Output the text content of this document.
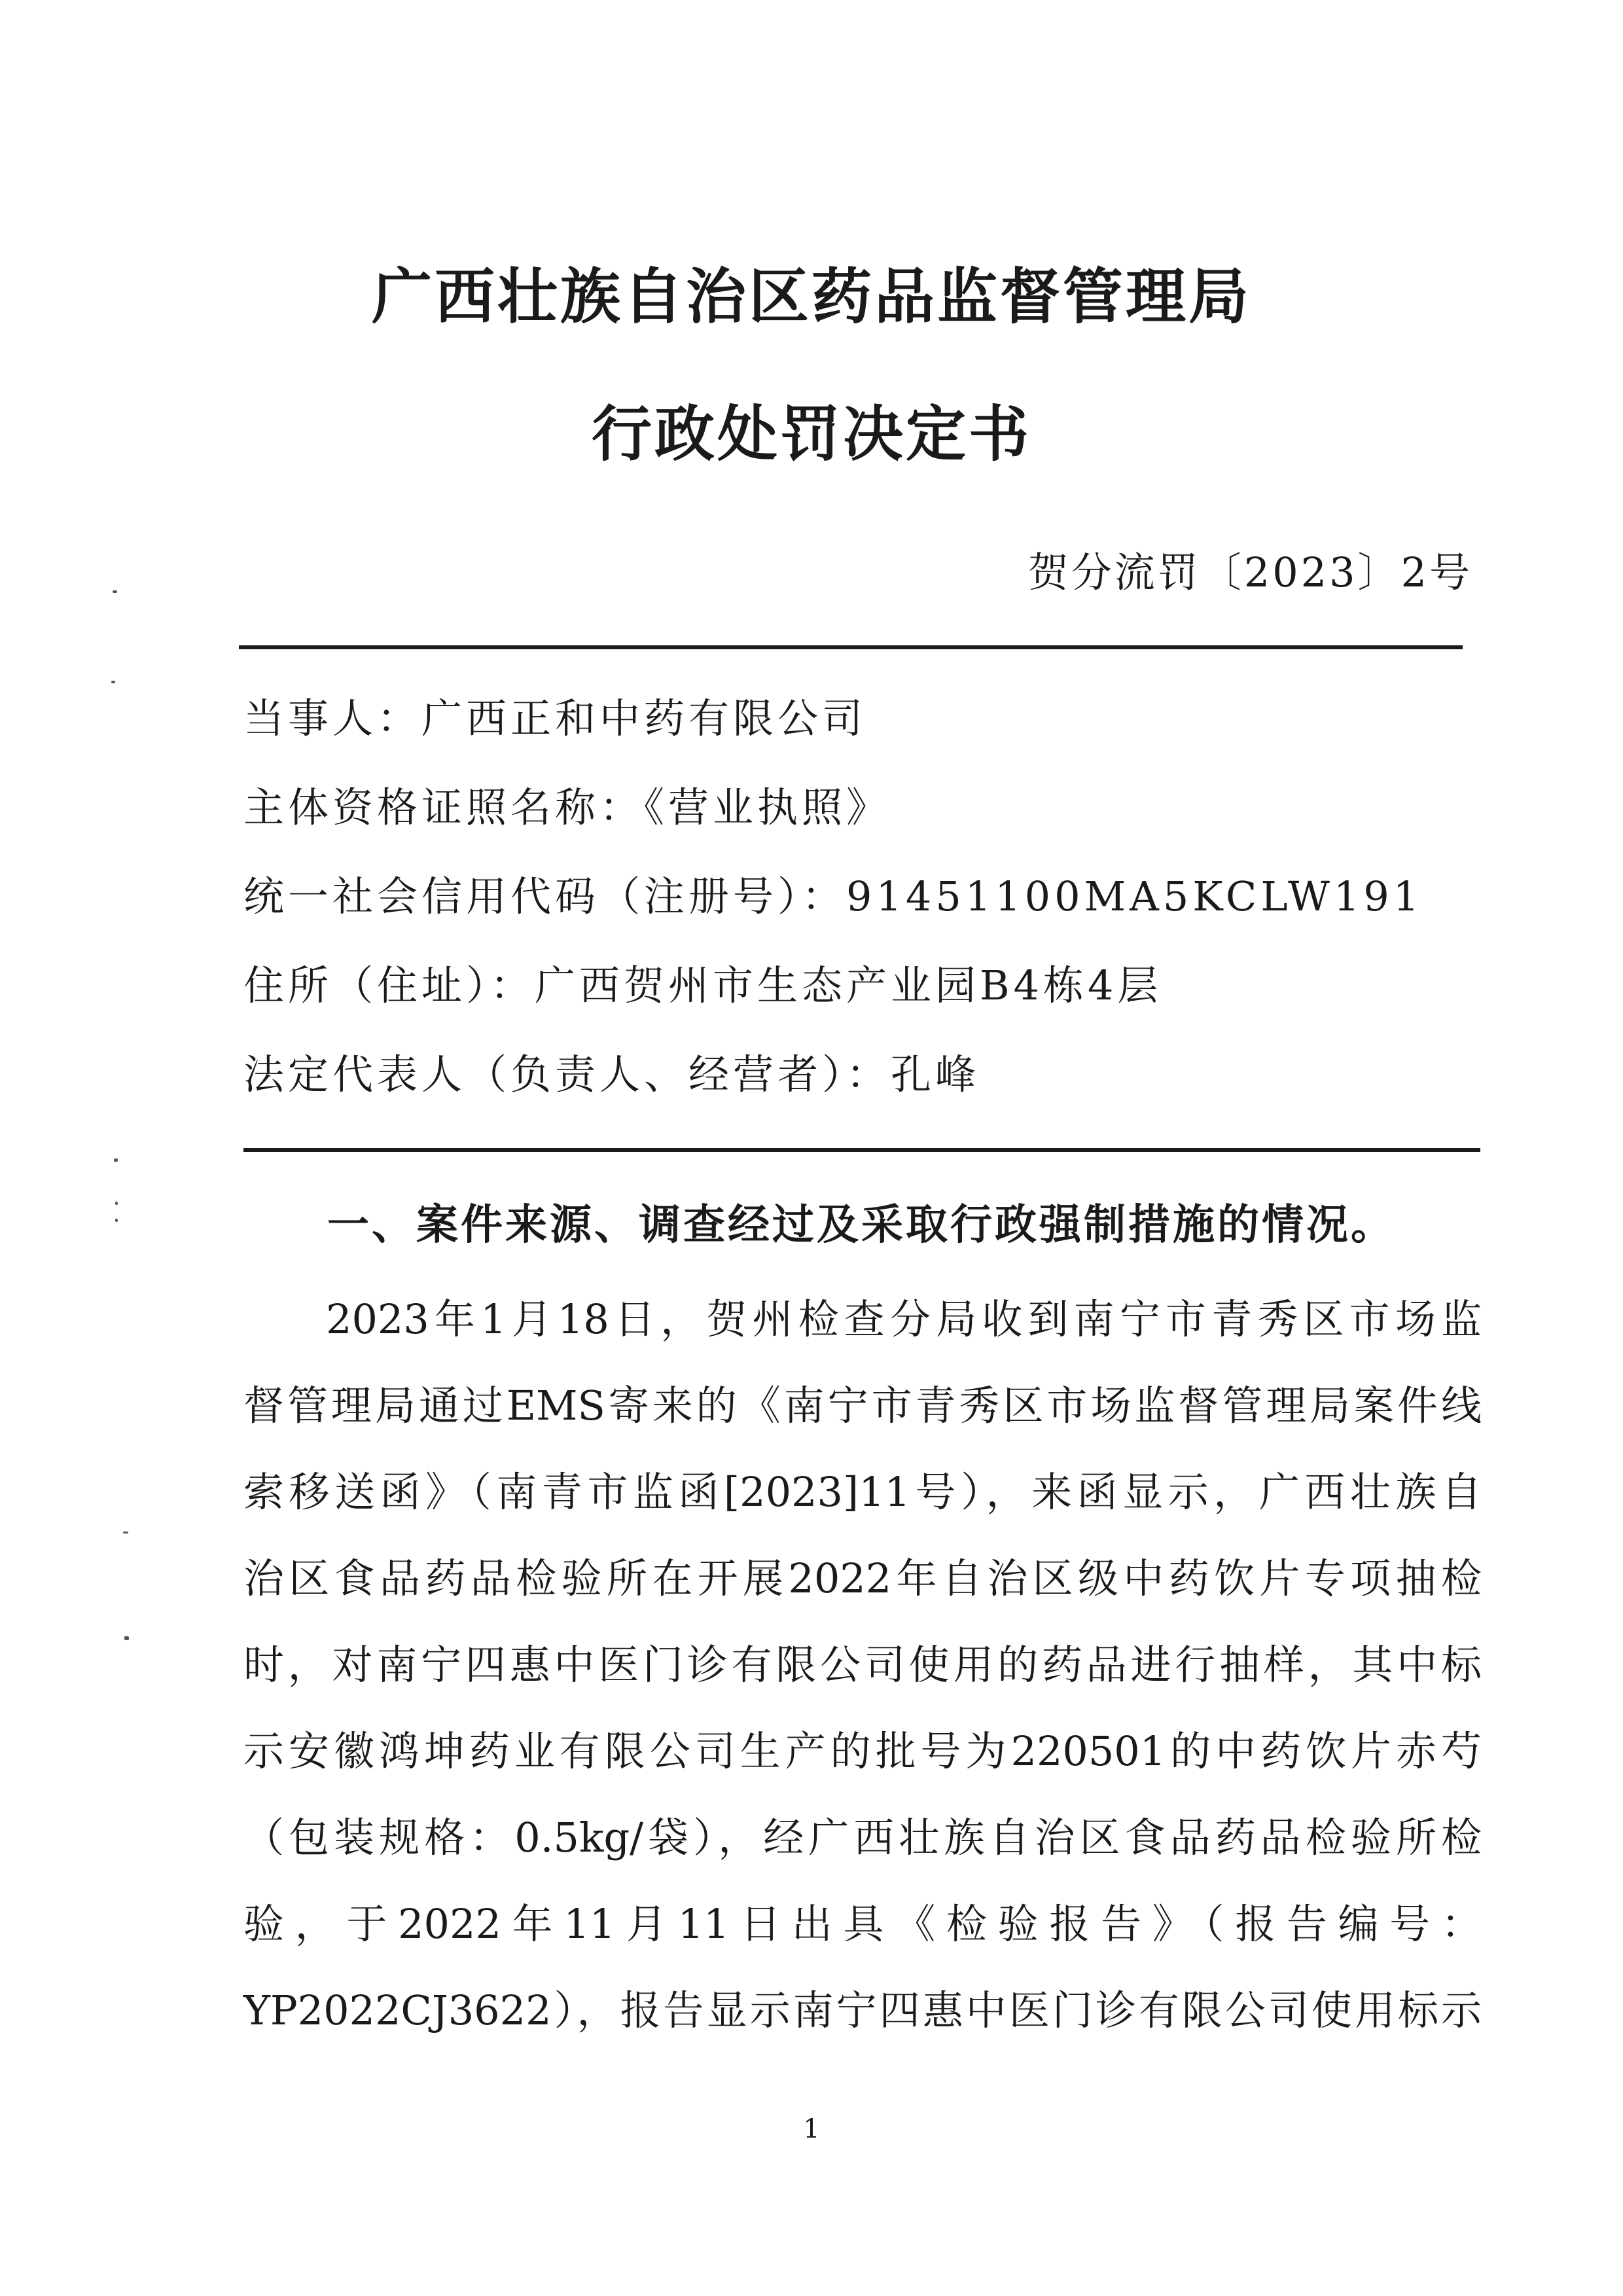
广西壮族自治区药品监督管理局
行政处罚决定书
贺分流罚〔2023〕2号
当事人：广西正和中药有限公司
主体资格证照名称：《营业执照》
统一社会信用代码（注册号）：91451100MA5KCLW191
住所（住址）：广西贺州市生态产业园B4栋4层
法定代表人（负责人、经营者）：孔峰
一、案件来源、调查经过及采取行政强制措施的情况。
2023年1月18日，贺州检查分局收到南宁市青秀区市场监
督管理局通过EMS寄来的《南宁市青秀区市场监督管理局案件线
索移送函》（南青市监函[2023]11号），来函显示，广西壮族自
治区食品药品检验所在开展2022年自治区级中药饮片专项抽检
时，对南宁四惠中医门诊有限公司使用的药品进行抽样，其中标
示安徽鸿坤药业有限公司生产的批号为220501的中药饮片赤芍
（包装规格：0.5kg/袋），经广西壮族自治区食品药品检验所检
验，于2022年11月11日出具《检验报告》（报告编号：
YP2022CJ3622），报告显示南宁四惠中医门诊有限公司使用标示
1
